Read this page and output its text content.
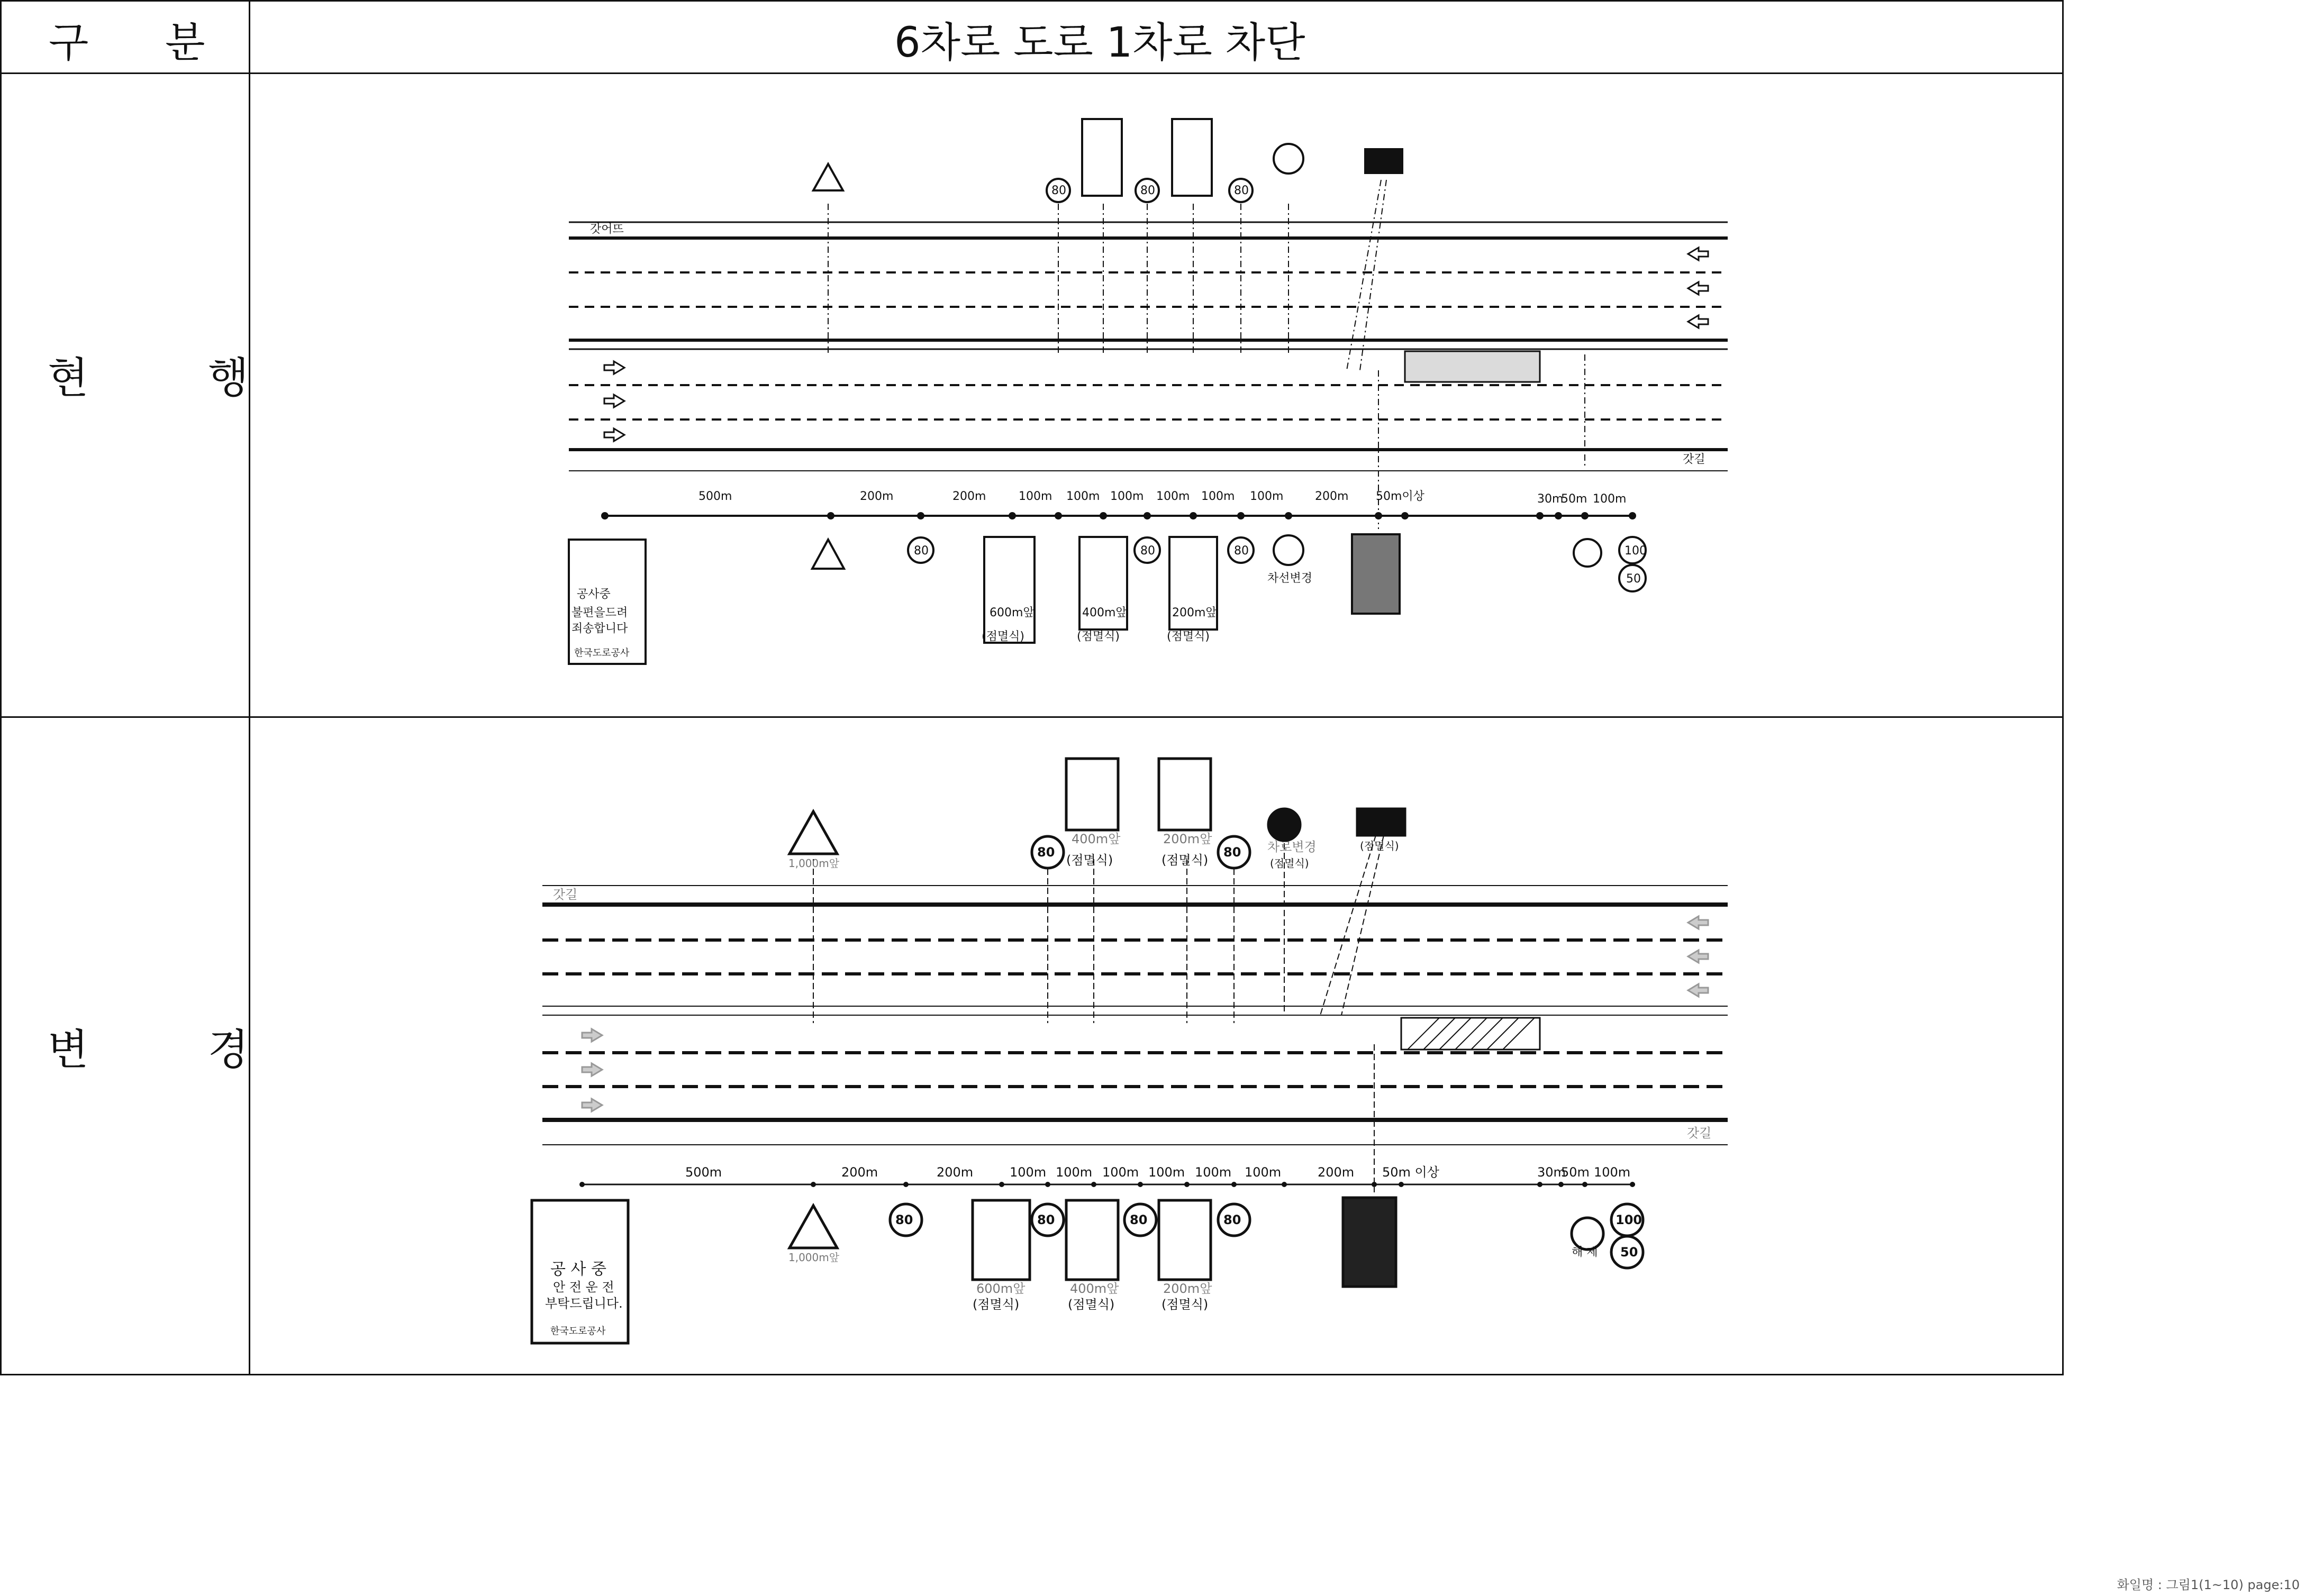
구 분	6차로 도로 1차로 차단
현 행
변 경
갓어뜨
갓길
500m	200m	200m	100m 100m 100m 100m 100m 100m	200m 50m이상	30m
50m 100m
80	80	80
80	80	80	100
50
600m앞	400m앞	200m앞
(점멸식)	(점멸식)	(점멸식)
차선변경
공사중
불편을드려
죄송합니다
한국도로공사
갓길
갓길
500m	200m	200m	100m 100m 100m 100m 100m 100m	200m 50m 이상	30m
50m 100m
80	80
80	80	80	80	100
50
1,000m앞
1,000m앞
400m앞	200m앞
(점멸식)	(점멸식)
차로변경
(점멸식)
(점멸식)
600m앞	400m앞	200m앞
(점멸식)	(점멸식)	(점멸식)
해 제
공 사 중
안 전 운 전
부탁드립니다.
한국도로공사
화일명 : 그림1(1~10) page:10
